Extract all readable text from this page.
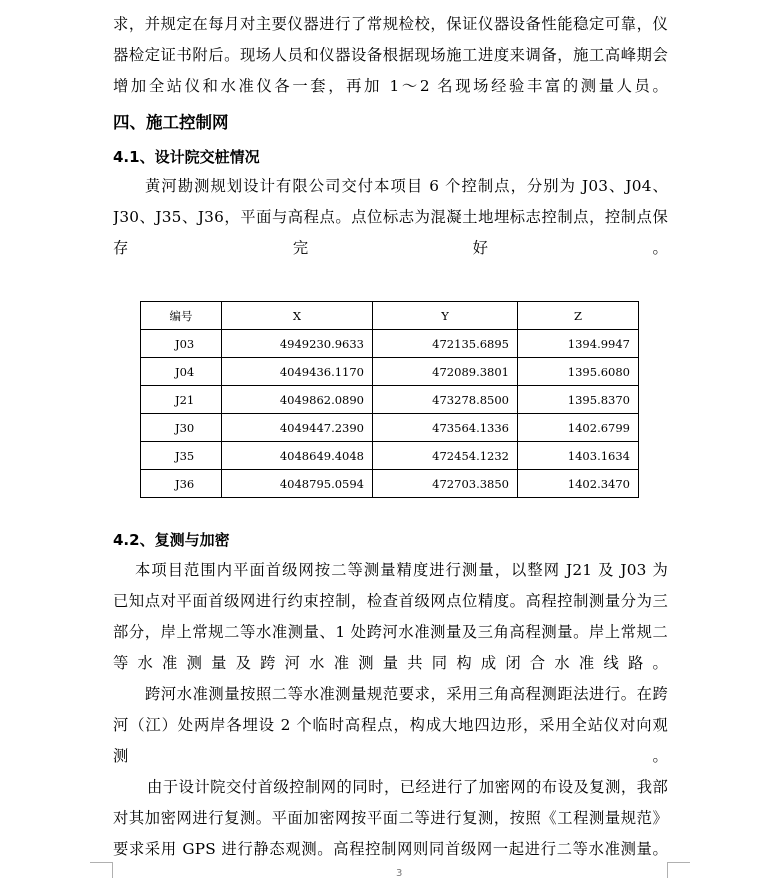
求，并规定在每月对主要仪器进行了常规检校，保证仪器设备性能稳定可靠，仪
器检定证书附后。现场人员和仪器设备根据现场施工进度来调备，施工高峰期会
增加全站仪和水准仪各一套，再加 1～2 名现场经验丰富的测量人员。
四、施工控制网
4.1、设计院交桩情况
黄河勘测规划设计有限公司交付本项目 6 个控制点，分别为 J03、J04、
J30、J35、J36，平面与高程点。点位标志为混凝土地埋标志控制点，控制点保
存完好。
编号	X	Y	Z
J03	4949230.9633	472135.6895	1394.9947
J04	4049436.1170	472089.3801	1395.6080
J21	4049862.0890	473278.8500	1395.8370
J30	4049447.2390	473564.1336	1402.6799
J35	4048649.4048	472454.1232	1403.1634
J36	4048795.0594	472703.3850	1402.3470
4.2、复测与加密
本项目范围内平面首级网按二等测量精度进行测量，以整网 J21 及 J03 为
已知点对平面首级网进行约束控制，检查首级网点位精度。高程控制测量分为三
部分，岸上常规二等水准测量、1 处跨河水准测量及三角高程测量。岸上常规二
等水准测量及跨河水准测量共同构成闭合水准线路。
跨河水准测量按照二等水准测量规范要求，采用三角高程测距法进行。在跨
河（江）处两岸各埋设 2 个临时高程点，构成大地四边形，采用全站仪对向观
测。
由于设计院交付首级控制网的同时，已经进行了加密网的布设及复测，我部
对其加密网进行复测。平面加密网按平面二等进行复测，按照《工程测量规范》
要求采用 GPS 进行静态观测。高程控制网则同首级网一起进行二等水准测量。
3
